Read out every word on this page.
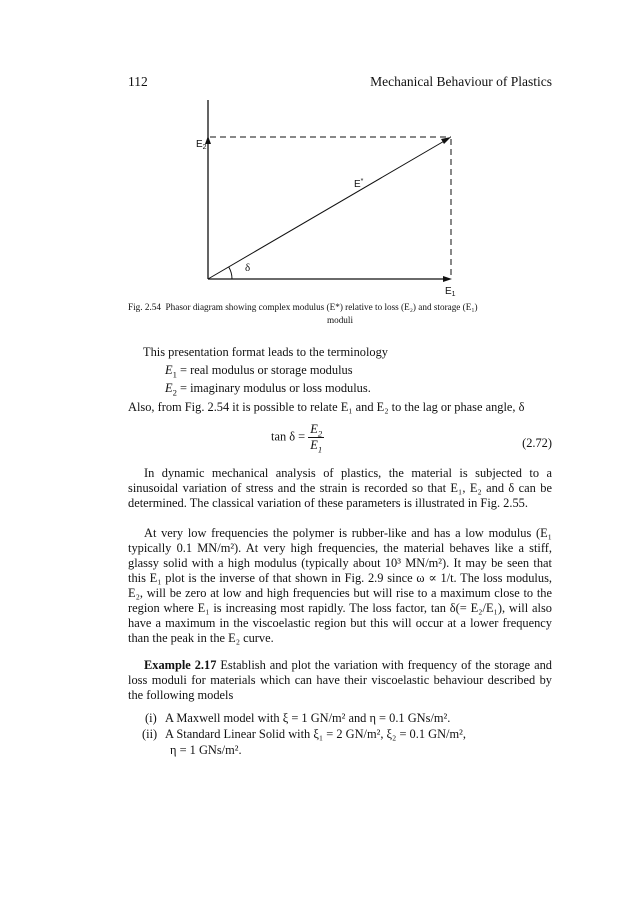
112	Mechanical Behaviour of Plastics
$E_2$
$E_1$
E*
δ
Fig. 2.54 Phasor diagram showing complex modulus (E*) relative to loss (E₂) and storage (E₁)
moduli
This presentation format leads to the terminology
$E_1$ = real modulus or storage modulus
$E_2$ = imaginary modulus or loss modulus.
Also, from Fig. 2.54 it is possible to relate E₁ and E₂ to the lag or phase angle, δ
$\tan \delta = \frac{E_2}{E_1}$	(2.72)
In dynamic mechanical analysis of plastics, the material is subjected to a sinusoidal variation of stress and the strain is recorded so that E₁, E₂ and δ can be determined. The classical variation of these parameters is illustrated in Fig. 2.55.
At very low frequencies the polymer is rubber-like and has a low modulus (E₁ typically 0.1 MN/m²). At very high frequencies, the material behaves like a stiff, glassy solid with a high modulus (typically about 10³ MN/m²). It may be seen that this E₁ plot is the inverse of that shown in Fig. 2.9 since ω ∝ 1/t. The loss modulus, E₂, will be zero at low and high frequencies but will rise to a maximum close to the region where E₁ is increasing most rapidly. The loss factor, tan δ(= E₂/E₁), will also have a maximum in the viscoelastic region but this will occur at a lower frequency than the peak in the E₂ curve.
Example 2.17 Establish and plot the variation with frequency of the storage and loss moduli for materials which can have their viscoelastic behaviour described by the following models
(i) A Maxwell model with ξ = 1 GN/m² and η = 0.1 GNs/m².
(ii) A Standard Linear Solid with ξ₁ = 2 GN/m², ξ₂ = 0.1 GN/m²,
η = 1 GNs/m².
